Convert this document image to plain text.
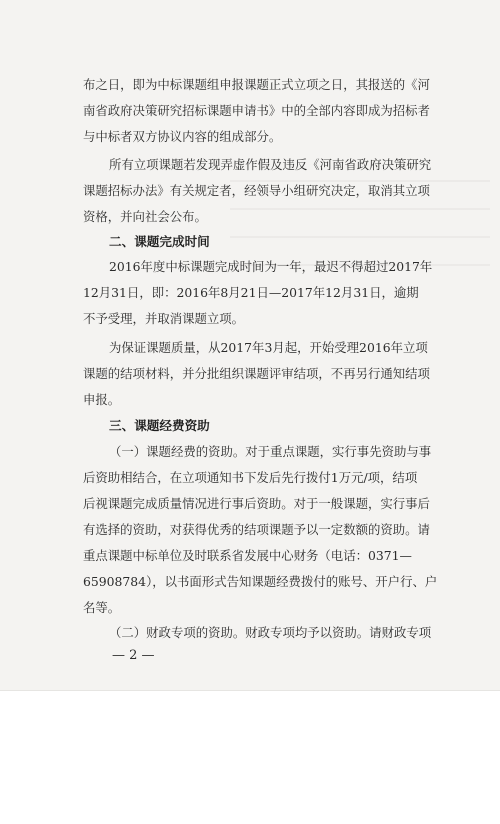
布之日，即为中标课题组申报课题正式立项之日，其报送的《河
南省政府决策研究招标课题申请书》中的全部内容即成为招标者
与中标者双方协议内容的组成部分。
所有立项课题若发现弄虚作假及违反《河南省政府决策研究
课题招标办法》有关规定者，经领导小组研究决定，取消其立项
资格，并向社会公布。
二、课题完成时间
2016年度中标课题完成时间为一年，最迟不得超过2017年
12月31日，即：2016年8月21日—2017年12月31日，逾期
不予受理，并取消课题立项。
为保证课题质量，从2017年3月起，开始受理2016年立项
课题的结项材料，并分批组织课题评审结项，不再另行通知结项
申报。
三、课题经费资助
（一）课题经费的资助。对于重点课题，实行事先资助与事
后资助相结合，在立项通知书下发后先行拨付1万元/项，结项
后视课题完成质量情况进行事后资助。对于一般课题，实行事后
有选择的资助，对获得优秀的结项课题予以一定数额的资助。请
重点课题中标单位及时联系省发展中心财务（电话：0371—
65908784），以书面形式告知课题经费拨付的账号、开户行、户
名等。
（二）财政专项的资助。财政专项均予以资助。请财政专项
— 2 —
